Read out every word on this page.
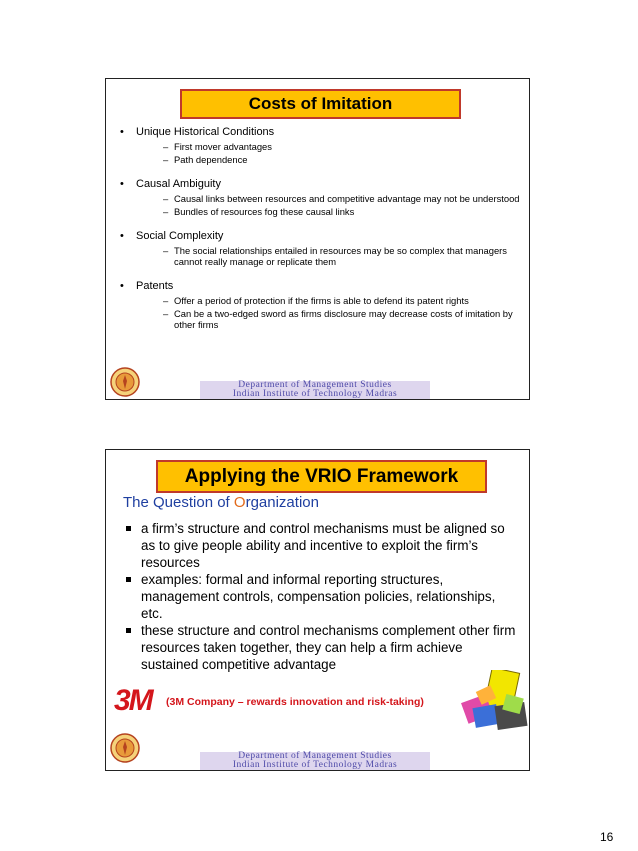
Costs of Imitation
• Unique Historical Conditions
– First mover advantages
– Path dependence
• Causal Ambiguity
– Causal links between resources and competitive advantage may not be understood
– Bundles of resources fog these causal links
• Social Complexity
– The social relationships entailed in resources may be so complex that managers cannot really manage or replicate them
• Patents
– Offer a period of protection if the firms is able to defend its patent rights
– Can be a two-edged sword as firms disclosure may decrease costs of imitation by other firms
Department of Management Studies
Indian Institute of Technology Madras
Applying the VRIO Framework
The Question of Organization
a firm’s structure and control mechanisms must be aligned so as to give people ability and incentive to exploit the firm’s resources
examples: formal and informal reporting structures, management controls, compensation policies, relationships, etc.
these structure and control mechanisms complement other firm resources taken together, they can help a firm achieve sustained competitive advantage
3M (3M Company – rewards innovation and risk-taking)
Department of Management Studies
Indian Institute of Technology Madras
16
